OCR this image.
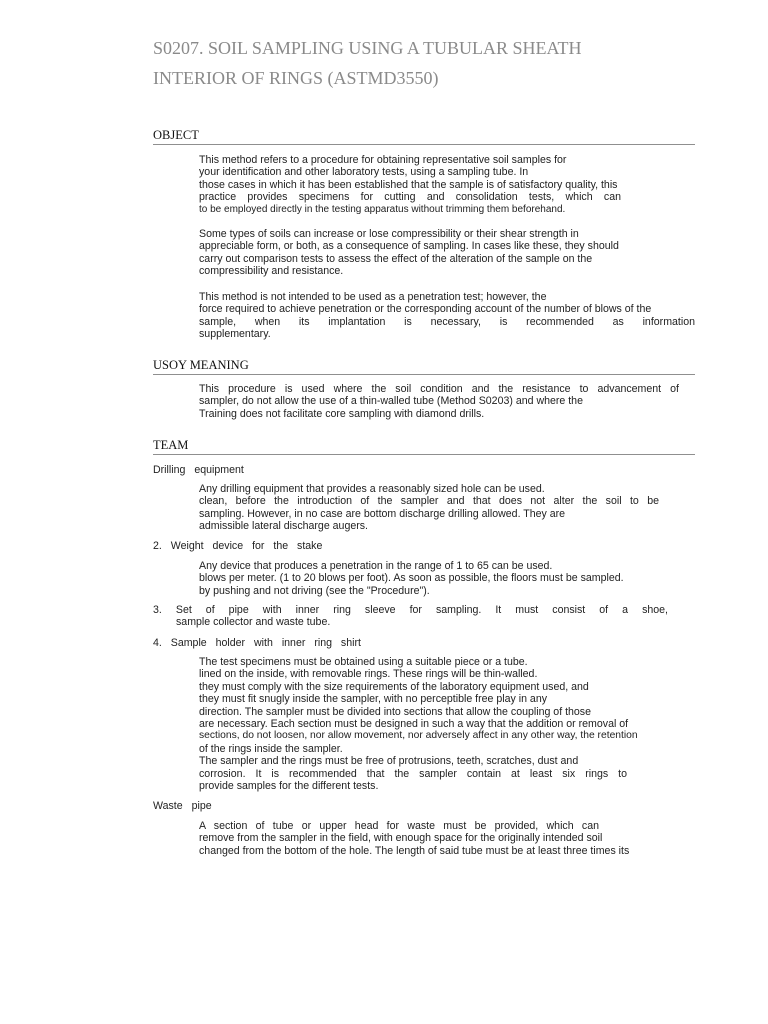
S0207. SOIL SAMPLING USING A TUBULAR SHEATH
INTERIOR OF RINGS (ASTMD3550)
OBJECT

This method refers to a procedure for obtaining representative soil samples for
your identification and other laboratory tests, using a sampling tube. In
those cases in which it has been established that the sample is of satisfactory quality, this
practice provides specimens for cutting and consolidation tests, which can
to be employed directly in the testing apparatus without trimming them beforehand.

Some types of soils can increase or lose compressibility or their shear strength in
appreciable form, or both, as a consequence of sampling. In cases like these, they should
carry out comparison tests to assess the effect of the alteration of the sample on the
compressibility and resistance.

This method is not intended to be used as a penetration test; however, the
force required to achieve penetration or the corresponding account of the number of blows of the
sample, when its implantation is necessary, is recommended as information
supplementary.

USOY MEANING

This procedure is used where the soil condition and the resistance to advancement of
sampler, do not allow the use of a thin-walled tube (Method S0203) and where the
Training does not facilitate core sampling with diamond drills.

TEAM
Drilling equipment

Any drilling equipment that provides a reasonably sized hole can be used.
clean, before the introduction of the sampler and that does not alter the soil to be
sampling. However, in no case are bottom discharge drilling allowed. They are
admissible lateral discharge augers.

2. Weight device for the stake

Any device that produces a penetration in the range of 1 to 65 can be used.
blows per meter. (1 to 20 blows per foot). As soon as possible, the floors must be sampled.
by pushing and not driving (see the "Procedure").

3. Set of pipe with inner ring sleeve for sampling. It must consist of a shoe,
sample collector and waste tube.
4. Sample holder with inner ring shirt

The test specimens must be obtained using a suitable piece or a tube.
lined on the inside, with removable rings. These rings will be thin-walled.
they must comply with the size requirements of the laboratory equipment used, and
they must fit snugly inside the sampler, with no perceptible free play in any
direction. The sampler must be divided into sections that allow the coupling of those
are necessary. Each section must be designed in such a way that the addition or removal of
sections, do not loosen, nor allow movement, nor adversely affect in any other way, the retention
of the rings inside the sampler.
The sampler and the rings must be free of protrusions, teeth, scratches, dust and
corrosion. It is recommended that the sampler contain at least six rings to
provide samples for the different tests.

Waste pipe

A section of tube or upper head for waste must be provided, which can
remove from the sampler in the field, with enough space for the originally intended soil
changed from the bottom of the hole. The length of said tube must be at least three times its
